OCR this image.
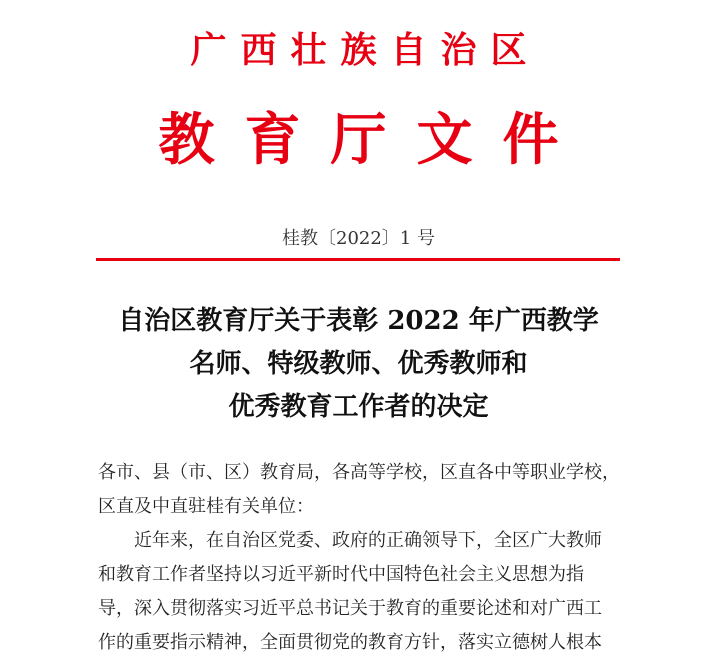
广西壮族自治区
教育厅文件
桂教〔2022〕1 号
自治区教育厅关于表彰 2022 年广西教学
名师、特级教师、优秀教师和
优秀教育工作者的决定

各市、县（市、区）教育局，各高等学校，区直各中等职业学校，

区直及中直驻桂有关单位：

近年来，在自治区党委、政府的正确领导下，全区广大教师

和教育工作者坚持以习近平新时代中国特色社会主义思想为指

导，深入贯彻落实习近平总书记关于教育的重要论述和对广西工

作的重要指示精神，全面贯彻党的教育方针，落实立德树人根本
